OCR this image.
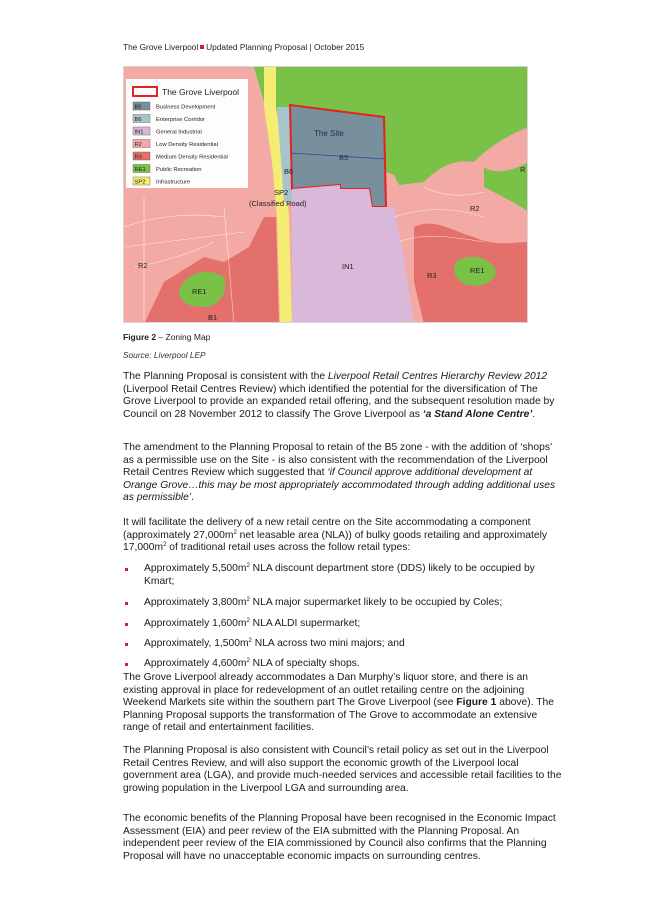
The Grove Liverpool Updated Planning Proposal | October 2015
The Grove Liverpool
B5 Business Development
B6 Enterprise Corridor
IN1 General Industrial
R2 Low Density Residential
R3 Medium Density Residential
RE1 Public Recreation
SP2 Infrastructure
The Site
B5
B6
SP2
(Classified Road)
IN1
R2
R2
R3
RE1
RE1
B1
R
Figure 2 – Zoning Map
Source: Liverpool LEP

The Planning Proposal is consistent with the Liverpool Retail Centres Hierarchy Review 2012 (Liverpool Retail Centres Review) which identified the potential for the diversification of The Grove Liverpool to provide an expanded retail offering, and the subsequent resolution made by Council on 28 November 2012 to classify The Grove Liverpool as ‘a Stand Alone Centre’.

The amendment to the Planning Proposal to retain of the B5 zone - with the addition of ‘shops’ as a permissible use on the Site - is also consistent with the recommendation of the Liverpool Retail Centres Review which suggested that ‘if Council approve additional development at Orange Grove…this may be most appropriately accommodated through adding additional uses as permissible’.

It will facilitate the delivery of a new retail centre on the Site accommodating a component (approximately $27,000m^2$ net leasable area (NLA)) of bulky goods retailing and approximately $17,000m^2$ of traditional retail uses across the follow retail types:

Approximately $5,500m^2$ NLA discount department store (DDS) likely to be occupied by Kmart;
Approximately $3,800m^2$ NLA major supermarket likely to be occupied by Coles;
Approximately $1,600m^2$ NLA ALDI supermarket;
Approximately, $1,500m^2$ NLA across two mini majors; and
Approximately $4,600m^2$ NLA of specialty shops.

The Grove Liverpool already accommodates a Dan Murphy’s liquor store, and there is an existing approval in place for redevelopment of an outlet retailing centre on the adjoining Weekend Markets site within the southern part The Grove Liverpool (see Figure 1 above). The Planning Proposal supports the transformation of The Grove to accommodate an extensive range of retail and entertainment facilities.

The Planning Proposal is also consistent with Council’s retail policy as set out in the Liverpool Retail Centres Review, and will also support the economic growth of the Liverpool local government area (LGA), and provide much-needed services and accessible retail facilities to the growing population in the Liverpool LGA and surrounding area.

The economic benefits of the Planning Proposal have been recognised in the Economic Impact Assessment (EIA) and peer review of the EIA submitted with the Planning Proposal. An independent peer review of the EIA commissioned by Council also confirms that the Planning Proposal will have no unacceptable economic impacts on surrounding centres.
